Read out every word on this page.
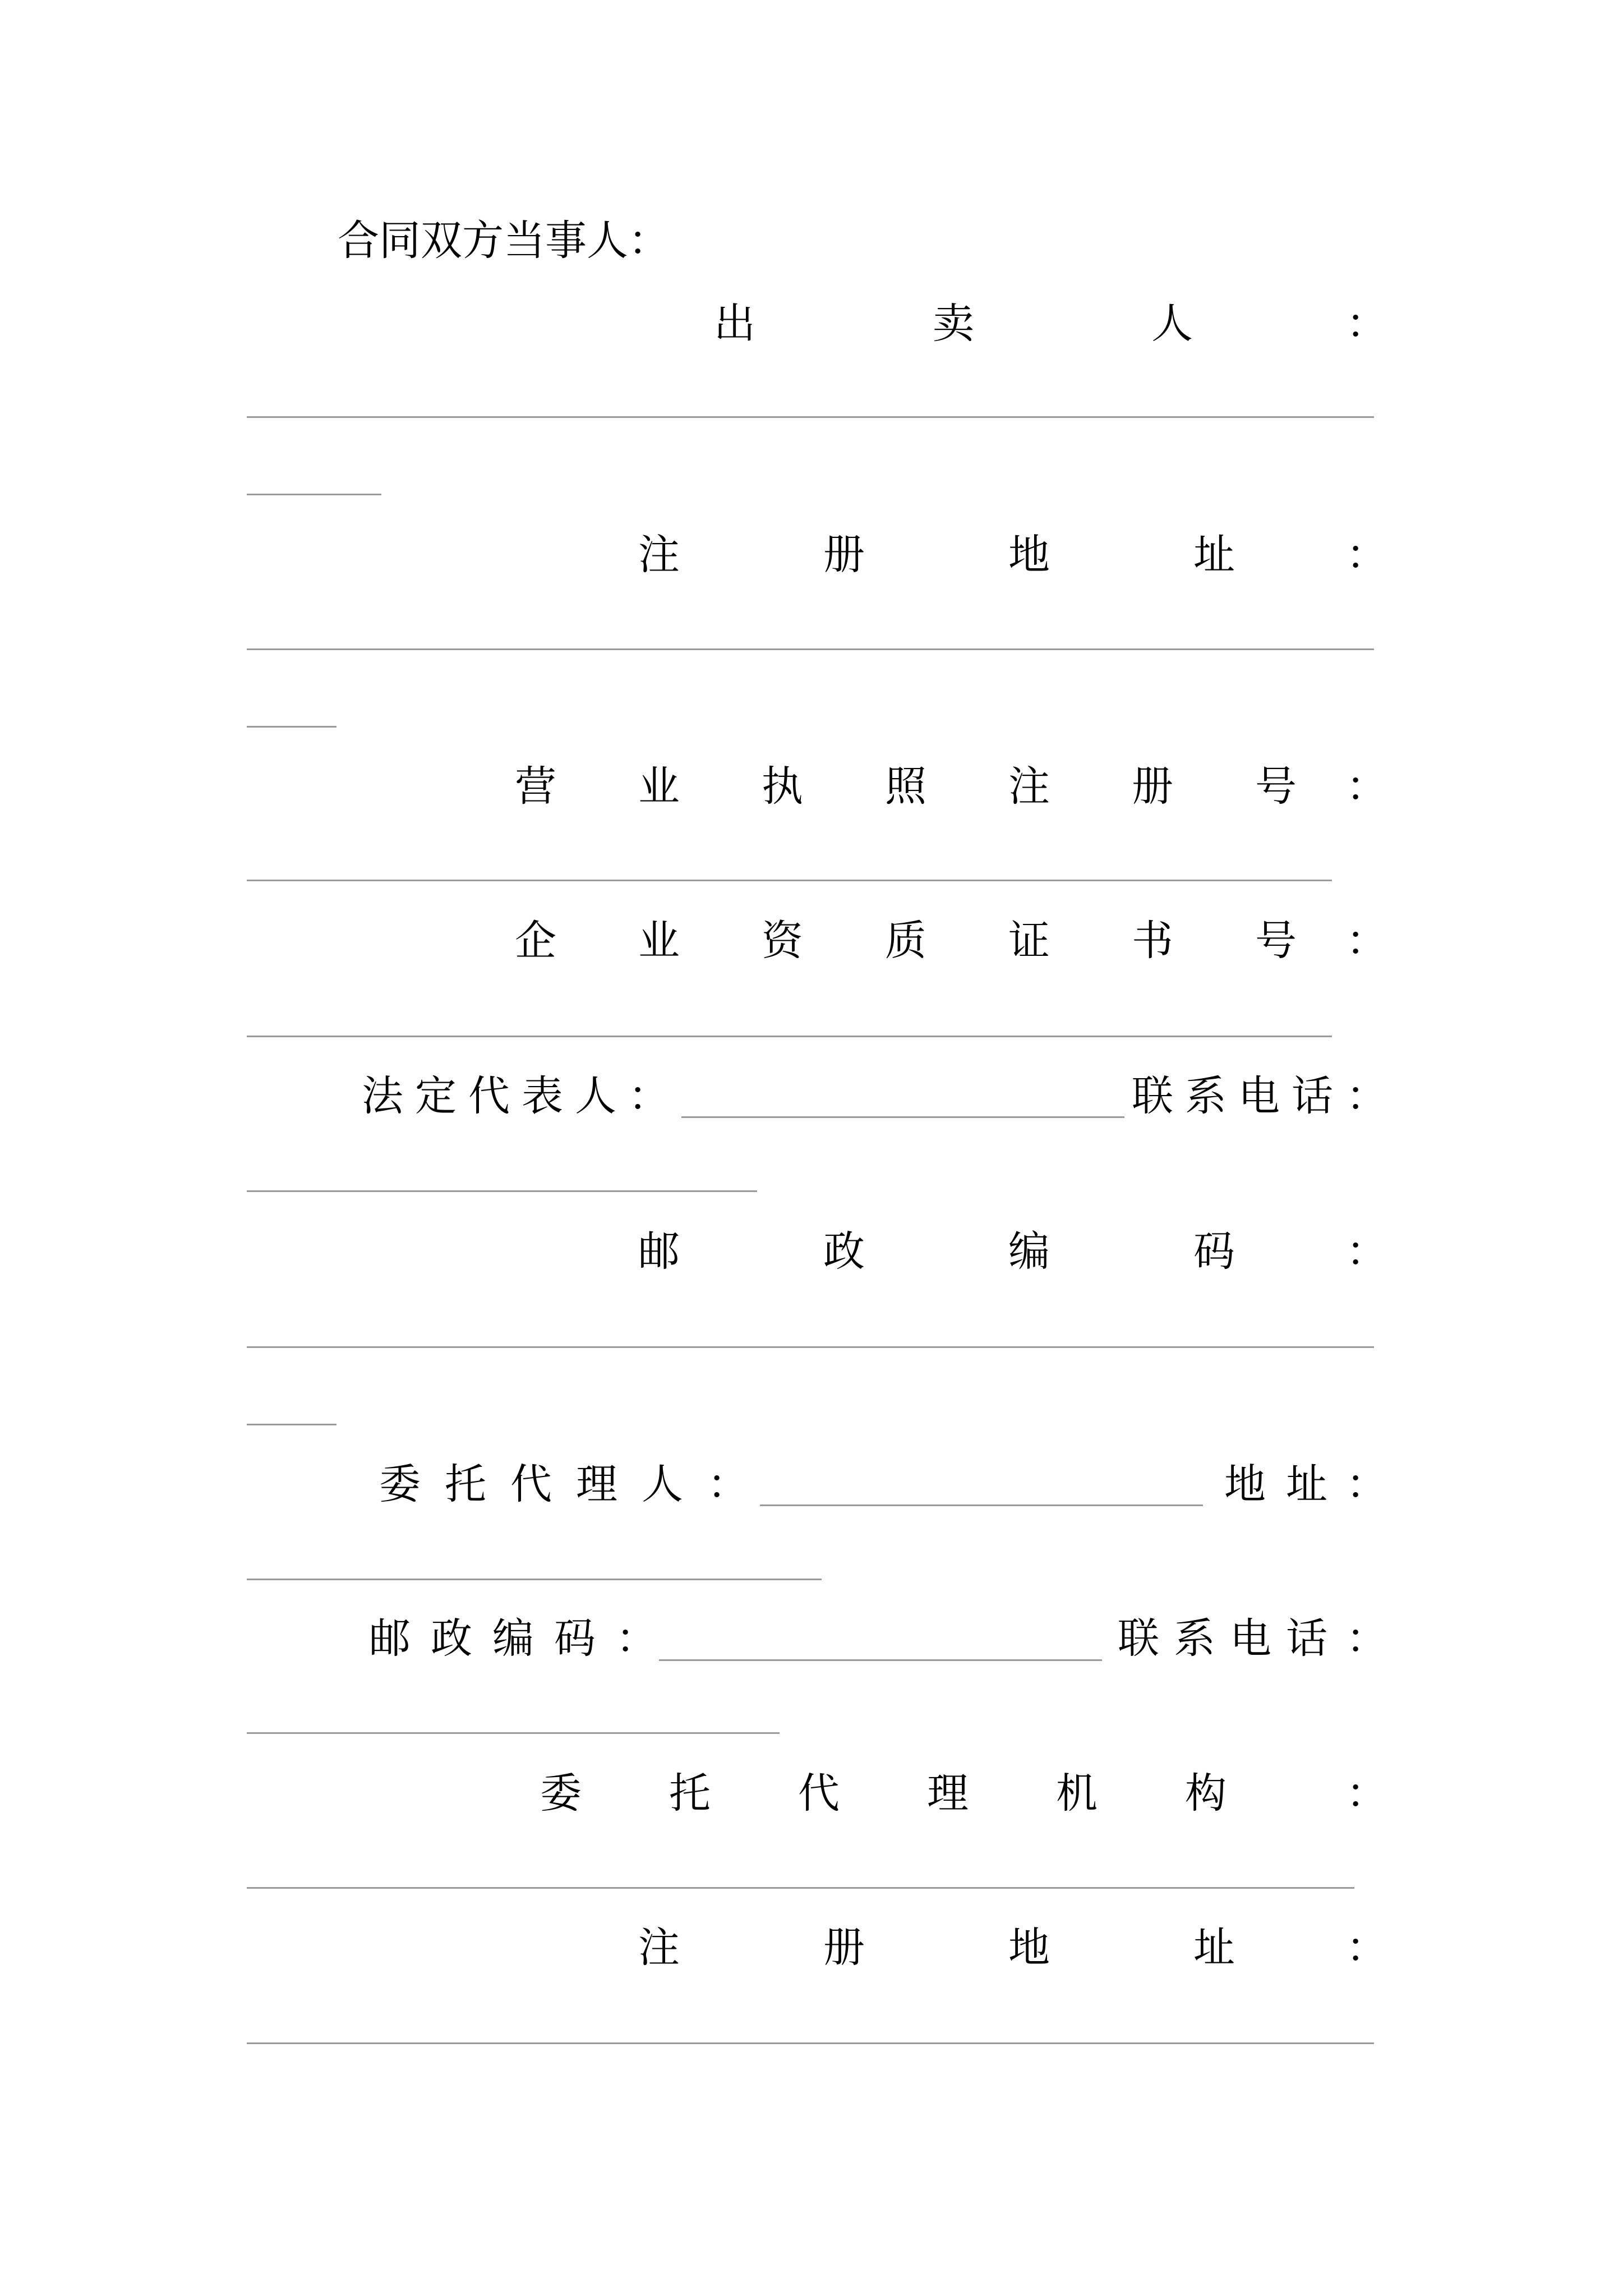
合同双方当事人：
出	卖	人	：
注	册	地	址	：
营 业 执 照 注 册 号 ：
企 业 资 质 证 书 号 ：
法 定 代 表 人 ：	联 系 电 话 ：
邮	政	编	码	：
委 托 代 理 人 ：	地 址 ：
邮 政 编 码 ：	联 系 电 话 ：
委 托 代 理 机 构	：
注	册	地	址	：
